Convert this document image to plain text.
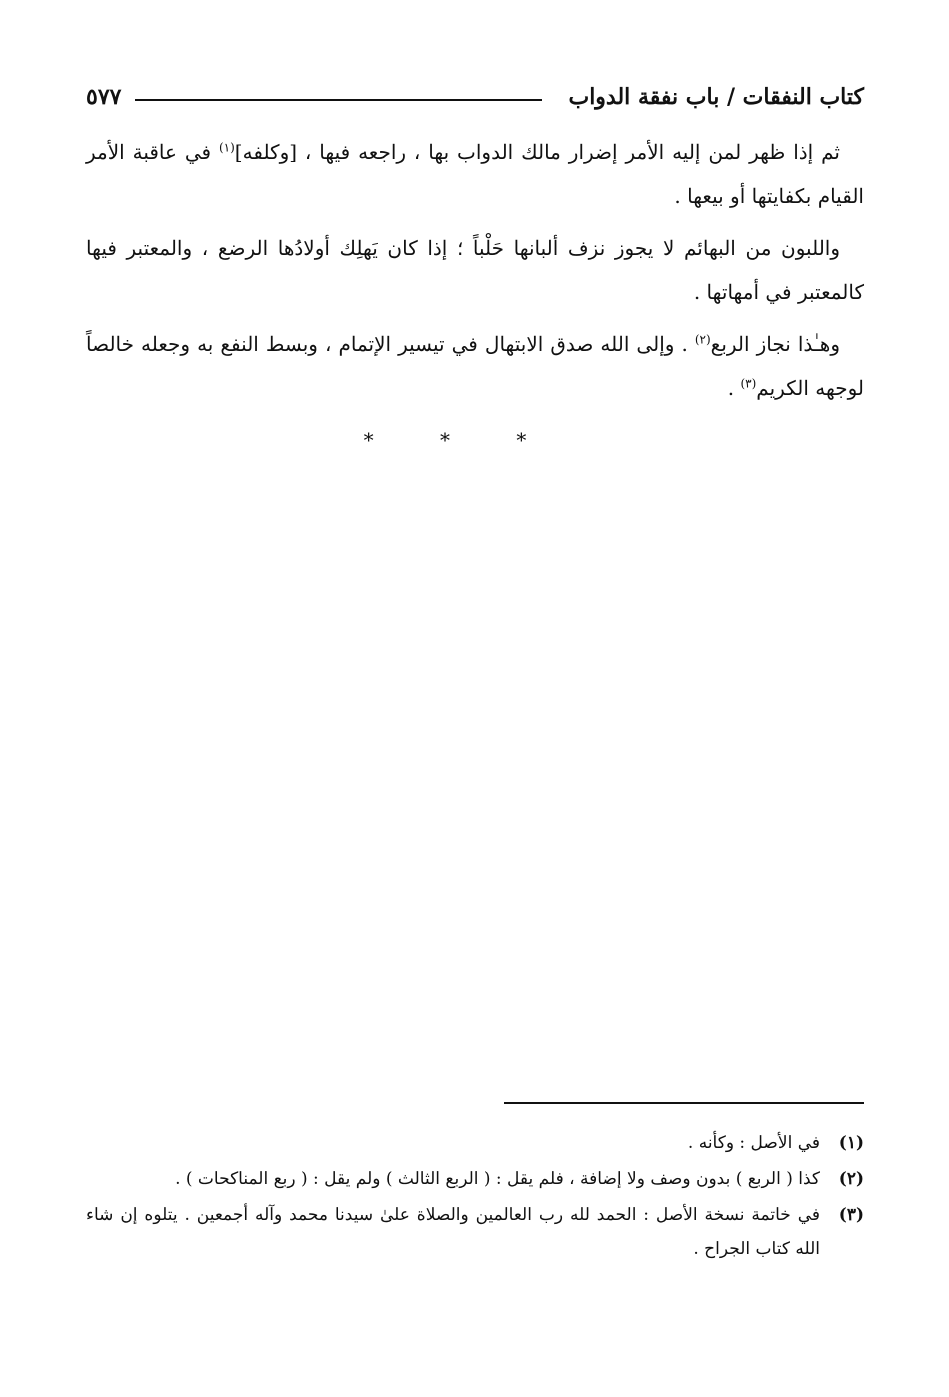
كتاب النفقات / باب نفقة الدواب
٥٧٧

ثم إذا ظهر لمن إليه الأمر إضرار مالك الدواب بها ، راجعه فيها ، [وكلفه]$^{(١)}$ في عاقبة الأمر القيام بكفايتها أو بيعها .

واللبون من البهائم لا يجوز نزف ألبانها حَلْباً ؛ إذا كان يَهلِك أولادُها الرضع ، والمعتبر فيها كالمعتبر في أمهاتها .

وهـٰذا نجاز الربع$^{(٢)}$ . وإلى الله صدق الابتهال في تيسير الإتمام ، وبسط النفع به وجعله خالصاً لوجهه الكريم$^{(٣)}$ .

* * *
(١)
في الأصل : وكأنه .
(٢)
كذا ( الربع ) بدون وصف ولا إضافة ، فلم يقل : ( الربع الثالث ) ولم يقل : ( ربع المناكحات ) .
(٣)
في خاتمة نسخة الأصل : الحمد لله رب العالمين والصلاة علىٰ سيدنا محمد وآله أجمعين . يتلوه إن شاء الله كتاب الجراح .
